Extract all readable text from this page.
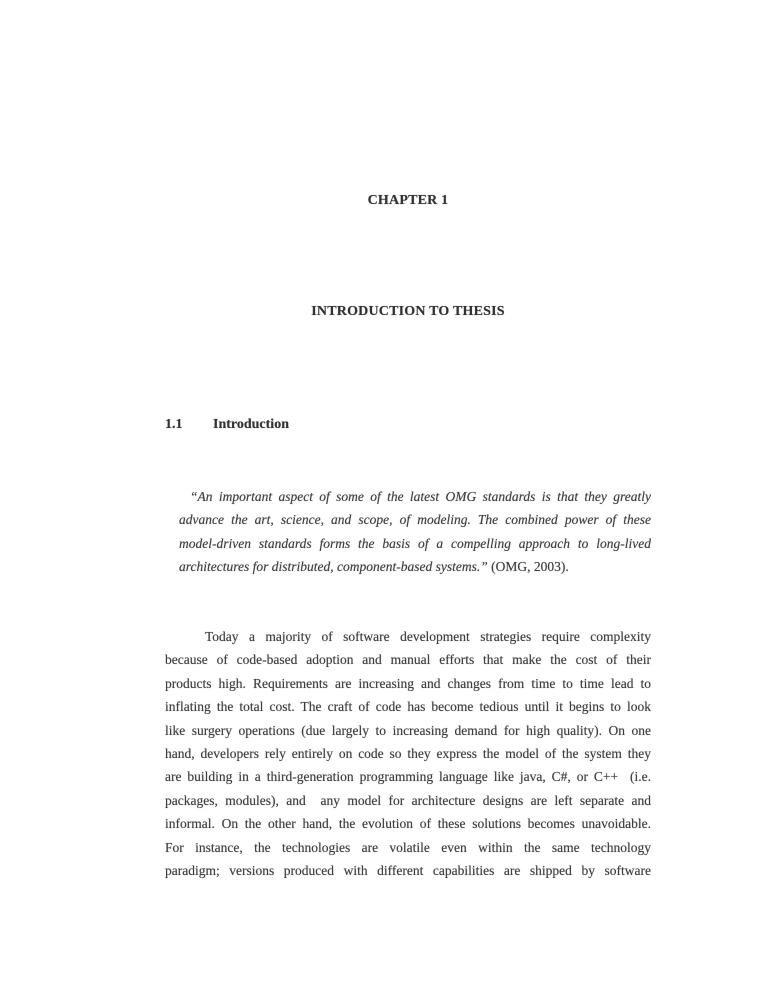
CHAPTER 1
INTRODUCTION TO THESIS
1.1 Introduction
“An important aspect of some of the latest OMG standards is that they greatly
advance the art, science, and scope, of modeling. The combined power of these
model-driven standards forms the basis of a compelling approach to long-lived
architectures for distributed, component-based systems.” (OMG, 2003).
Today a majority of software development strategies require complexity
because of code-based adoption and manual efforts that make the cost of their
products high. Requirements are increasing and changes from time to time lead to
inflating the total cost. The craft of code has become tedious until it begins to look
like surgery operations (due largely to increasing demand for high quality). On one
hand, developers rely entirely on code so they express the model of the system they
are building in a third-generation programming language like java, C#, or C++  (i.e.
packages, modules), and  any model for architecture designs are left separate and
informal. On the other hand, the evolution of these solutions becomes unavoidable.
For instance, the technologies are volatile even within the same technology
paradigm; versions produced with different capabilities are shipped by software
